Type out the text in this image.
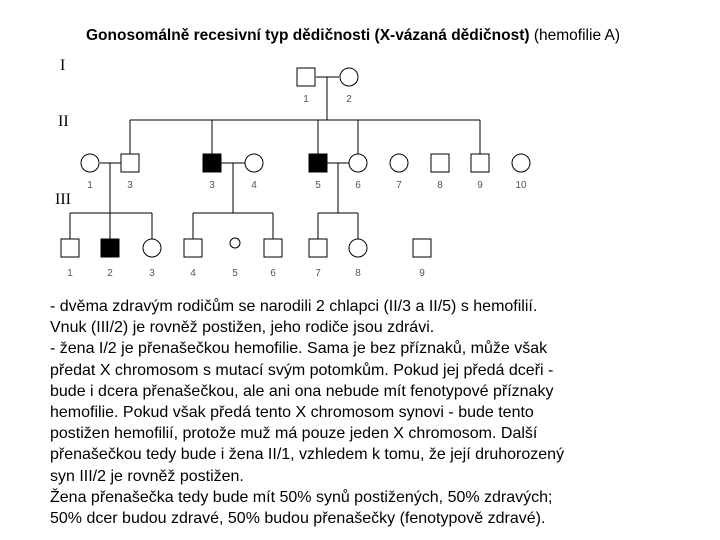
Gonosomálně recesivní typ dědičnosti (X-vázaná dědičnost) (hemofilie A)
I
II
III
1	2
1	3	3	4	5	6	7	8	9	10
1	2	3	4	5	6	7	8	9
- dvěma zdravým rodičům se narodili 2 chlapci (II/3 a II/5) s hemofilií.
Vnuk (III/2) je rovněž postižen, jeho rodiče jsou zdrávi.
- žena I/2 je přenašečkou hemofilie. Sama je bez příznaků, může však
předat X chromosom s mutací svým potomkům. Pokud jej předá dceři -
bude i dcera přenašečkou, ale ani ona nebude mít fenotypové příznaky
hemofilie. Pokud však předá tento X chromosom synovi - bude tento
postižen hemofilií, protože muž má pouze jeden X chromosom. Další
přenašečkou tedy bude i žena II/1, vzhledem k tomu, že její druhorozený
syn III/2 je rovněž postižen.
Žena přenašečka tedy bude mít 50% synů postižených, 50% zdravých;
50% dcer budou zdravé, 50% budou přenašečky (fenotypově zdravé).
